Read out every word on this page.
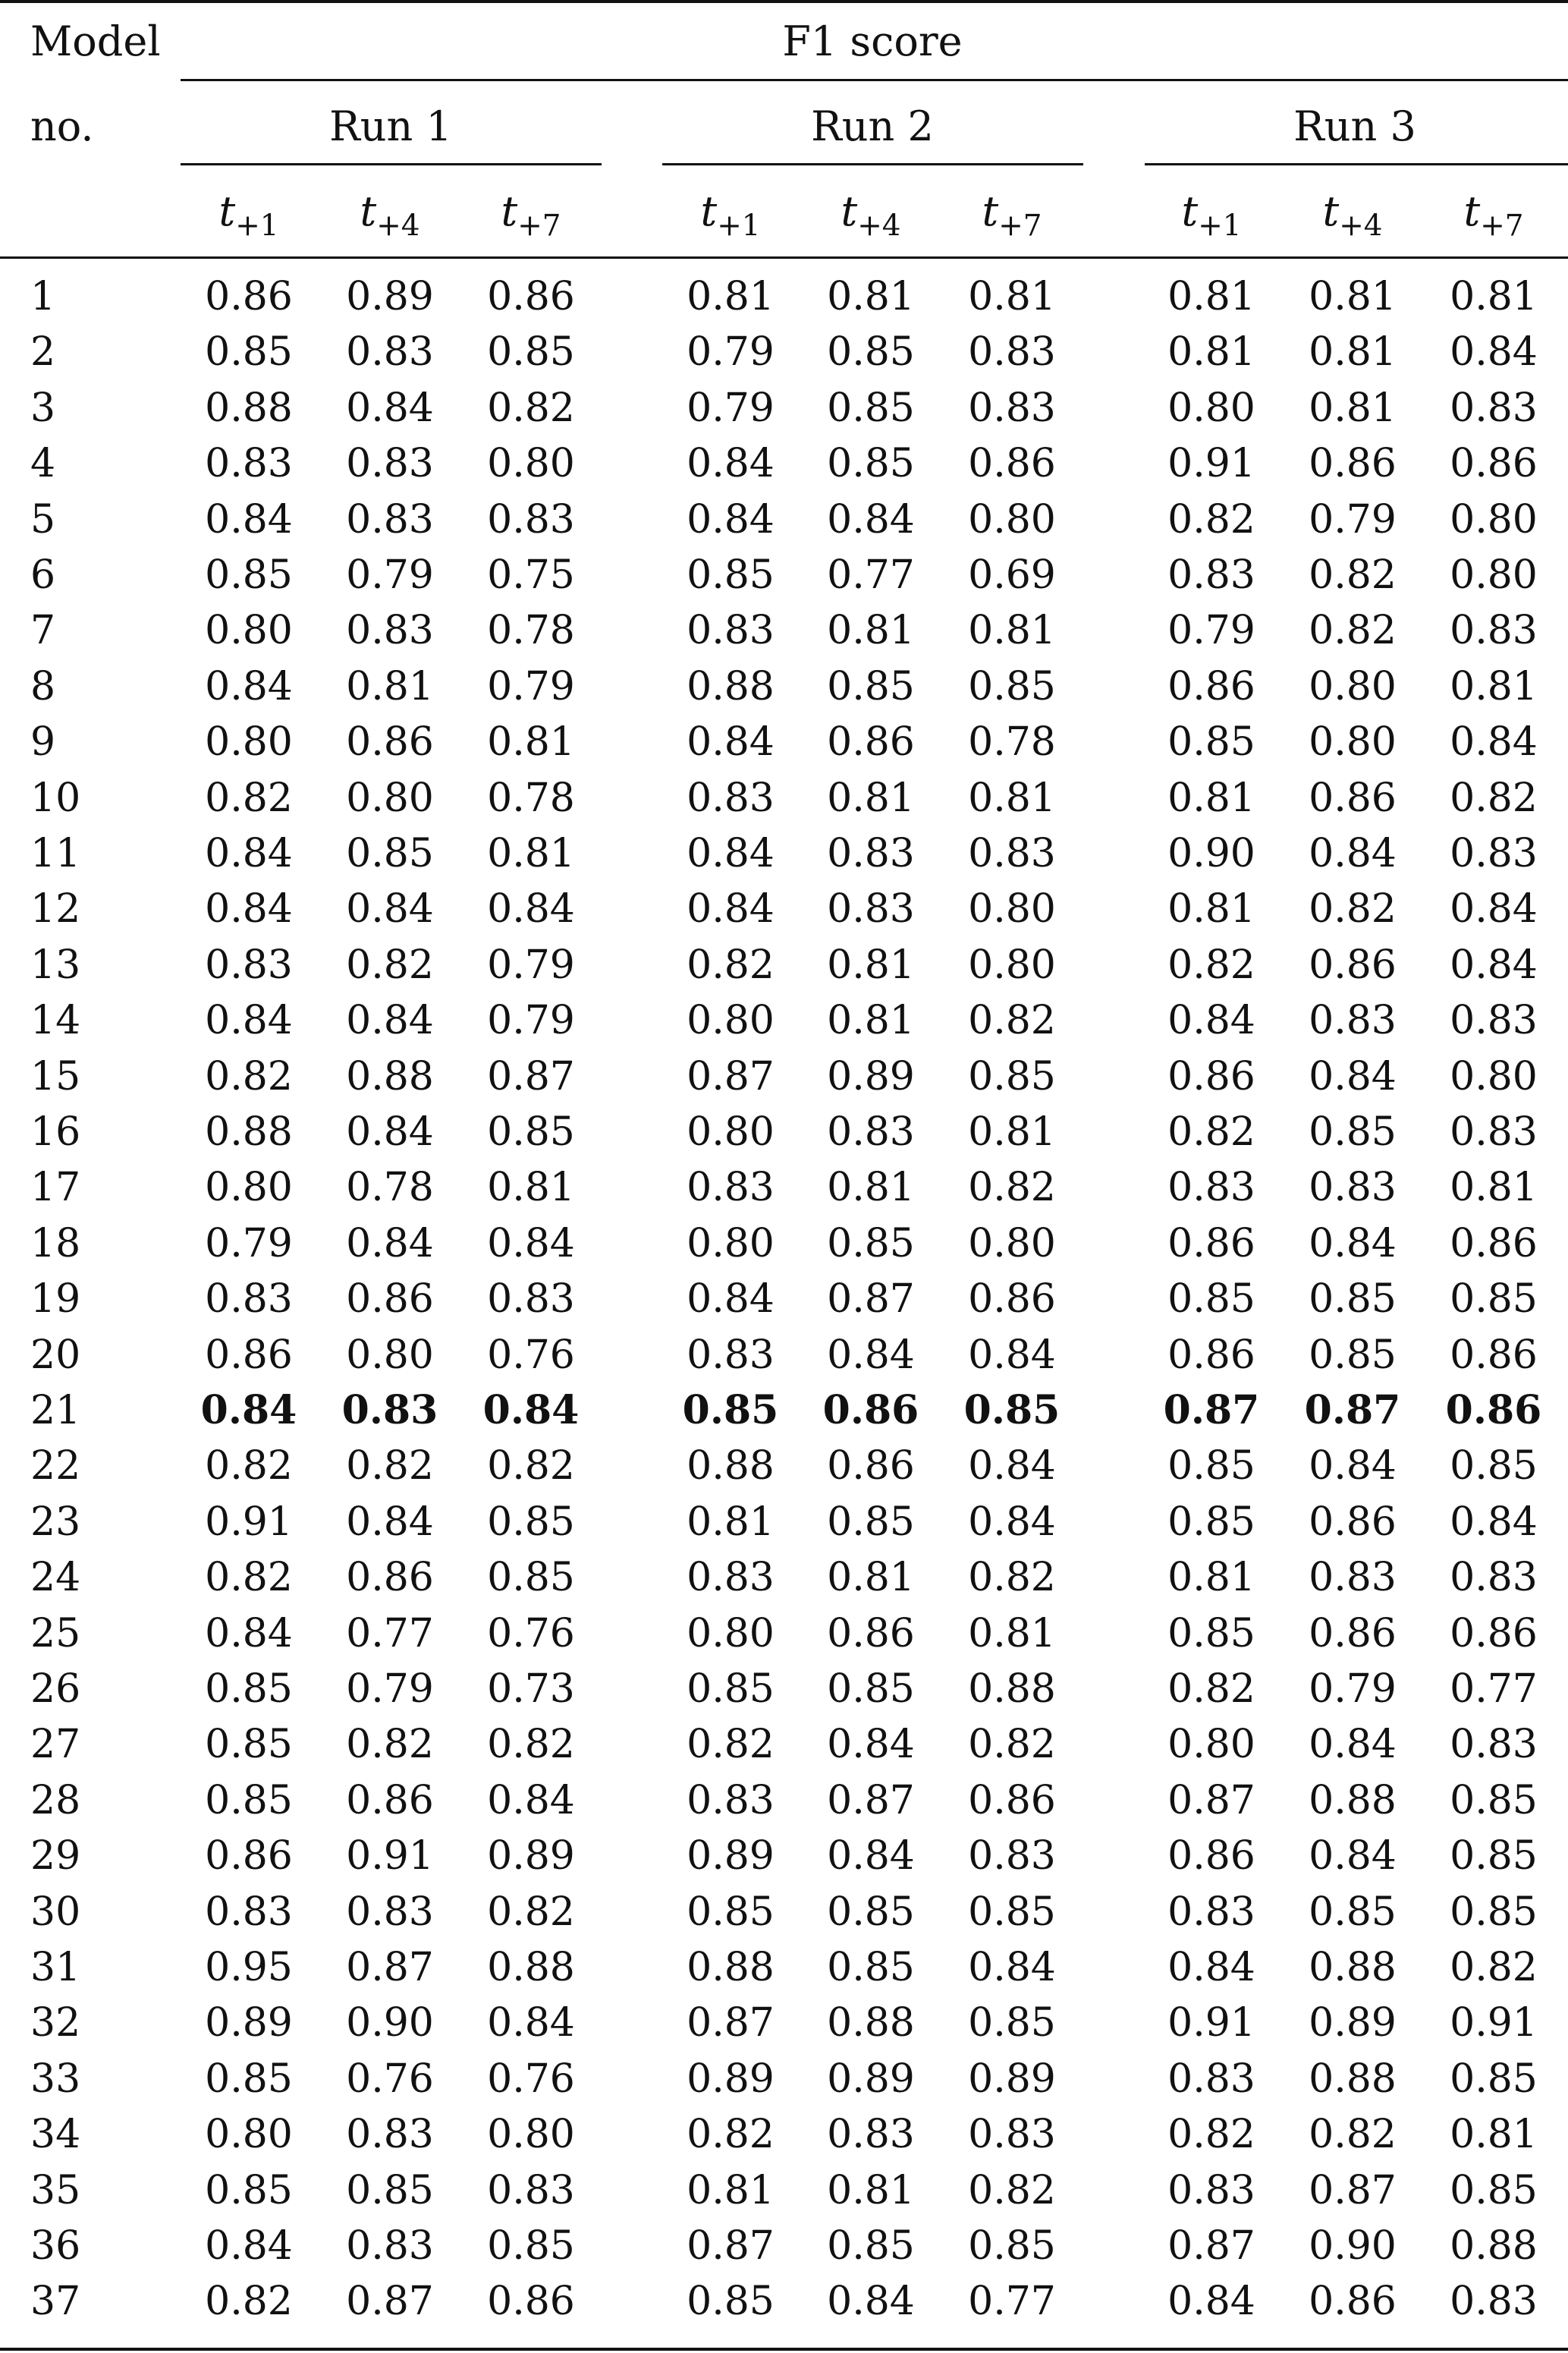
Model
no.
F1 score
Run 1	Run 2	Run 3
$t_{+1}$ $t_{+4}$ $t_{+7}$	$t_{+1}$ $t_{+4}$ $t_{+7}$	$t_{+1}$ $t_{+4}$ $t_{+7}$
1	0.86 0.89 0.86	0.81 0.81 0.81	0.81 0.81 0.81
2	0.85 0.83 0.85	0.79 0.85 0.83	0.81 0.81 0.84
3	0.88 0.84 0.82	0.79 0.85 0.83	0.80 0.81 0.83
4	0.83 0.83 0.80	0.84 0.85 0.86	0.91 0.86 0.86
5	0.84 0.83 0.83	0.84 0.84 0.80	0.82 0.79 0.80
6	0.85 0.79 0.75	0.85 0.77 0.69	0.83 0.82 0.80
7	0.80 0.83 0.78	0.83 0.81 0.81	0.79 0.82 0.83
8	0.84 0.81 0.79	0.88 0.85 0.85	0.86 0.80 0.81
9	0.80 0.86 0.81	0.84 0.86 0.78	0.85 0.80 0.84
10	0.82 0.80 0.78	0.83 0.81 0.81	0.81 0.86 0.82
11	0.84 0.85 0.81	0.84 0.83 0.83	0.90 0.84 0.83
12	0.84 0.84 0.84	0.84 0.83 0.80	0.81 0.82 0.84
13	0.83 0.82 0.79	0.82 0.81 0.80	0.82 0.86 0.84
14	0.84 0.84 0.79	0.80 0.81 0.82	0.84 0.83 0.83
15	0.82 0.88 0.87	0.87 0.89 0.85	0.86 0.84 0.80
16	0.88 0.84 0.85	0.80 0.83 0.81	0.82 0.85 0.83
17	0.80 0.78 0.81	0.83 0.81 0.82	0.83 0.83 0.81
18	0.79 0.84 0.84	0.80 0.85 0.80	0.86 0.84 0.86
19	0.83 0.86 0.83	0.84 0.87 0.86	0.85 0.85 0.85
20	0.86 0.80 0.76	0.83 0.84 0.84	0.86 0.85 0.86
21	0.84 0.83 0.84	0.85 0.86 0.85	0.87 0.87 0.86
22	0.82 0.82 0.82	0.88 0.86 0.84	0.85 0.84 0.85
23	0.91 0.84 0.85	0.81 0.85 0.84	0.85 0.86 0.84
24	0.82 0.86 0.85	0.83 0.81 0.82	0.81 0.83 0.83
25	0.84 0.77 0.76	0.80 0.86 0.81	0.85 0.86 0.86
26	0.85 0.79 0.73	0.85 0.85 0.88	0.82 0.79 0.77
27	0.85 0.82 0.82	0.82 0.84 0.82	0.80 0.84 0.83
28	0.85 0.86 0.84	0.83 0.87 0.86	0.87 0.88 0.85
29	0.86 0.91 0.89	0.89 0.84 0.83	0.86 0.84 0.85
30	0.83 0.83 0.82	0.85 0.85 0.85	0.83 0.85 0.85
31	0.95 0.87 0.88	0.88 0.85 0.84	0.84 0.88 0.82
32	0.89 0.90 0.84	0.87 0.88 0.85	0.91 0.89 0.91
33	0.85 0.76 0.76	0.89 0.89 0.89	0.83 0.88 0.85
34	0.80 0.83 0.80	0.82 0.83 0.83	0.82 0.82 0.81
35	0.85 0.85 0.83	0.81 0.81 0.82	0.83 0.87 0.85
36	0.84 0.83 0.85	0.87 0.85 0.85	0.87 0.90 0.88
37	0.82 0.87 0.86	0.85 0.84 0.77	0.84 0.86 0.83
